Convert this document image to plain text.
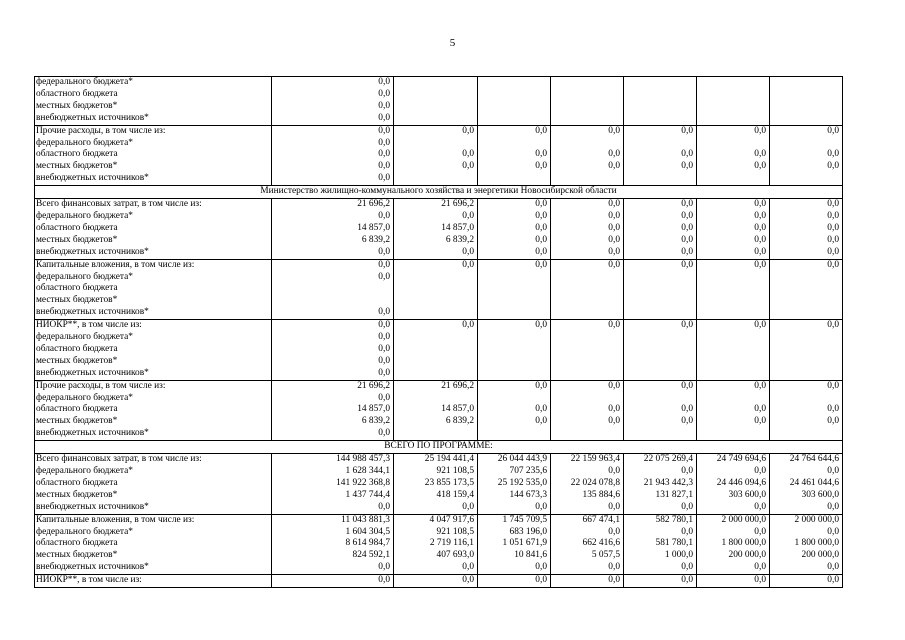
5
федерального бюджета*	0,0						
областного бюджета	0,0						
местных бюджетов*	0,0						
внебюджетных источников*	0,0						
Прочие расходы, в том числе из:	0,0	0,0	0,0	0,0	0,0	0,0	0,0
федерального бюджета*	0,0						
областного бюджета	0,0	0,0	0,0	0,0	0,0	0,0	0,0
местных бюджетов*	0,0	0,0	0,0	0,0	0,0	0,0	0,0
внебюджетных источников*	0,0						
Министерство жилищно-коммунального хозяйства и энергетики Новосибирской области							
Всего финансовых затрат, в том числе из:	21 696,2	21 696,2	0,0	0,0	0,0	0,0	0,0
федерального бюджета*	0,0	0,0	0,0	0,0	0,0	0,0	0,0
областного бюджета	14 857,0	14 857,0	0,0	0,0	0,0	0,0	0,0
местных бюджетов*	6 839,2	6 839,2	0,0	0,0	0,0	0,0	0,0
внебюджетных источников*	0,0	0,0	0,0	0,0	0,0	0,0	0,0
Капитальные вложения, в том числе из:	0,0	0,0	0,0	0,0	0,0	0,0	0,0
федерального бюджета*	0,0						
областного бюджета							
местных бюджетов*							
внебюджетных источников*	0,0						
НИОКР**, в том числе из:	0,0	0,0	0,0	0,0	0,0	0,0	0,0
федерального бюджета*	0,0						
областного бюджета	0,0						
местных бюджетов*	0,0						
внебюджетных источников*	0,0						
Прочие расходы, в том числе из:	21 696,2	21 696,2	0,0	0,0	0,0	0,0	0,0
федерального бюджета*	0,0						
областного бюджета	14 857,0	14 857,0	0,0	0,0	0,0	0,0	0,0
местных бюджетов*	6 839,2	6 839,2	0,0	0,0	0,0	0,0	0,0
внебюджетных источников*	0,0						
ВСЕГО ПО ПРОГРАММЕ:							
Всего финансовых затрат, в том числе из:	144 988 457,3	25 194 441,4	26 044 443,9	22 159 963,4	22 075 269,4	24 749 694,6	24 764 644,6
федерального бюджета*	1 628 344,1	921 108,5	707 235,6	0,0	0,0	0,0	0,0
областного бюджета	141 922 368,8	23 855 173,5	25 192 535,0	22 024 078,8	21 943 442,3	24 446 094,6	24 461 044,6
местных бюджетов*	1 437 744,4	418 159,4	144 673,3	135 884,6	131 827,1	303 600,0	303 600,0
внебюджетных источников*	0,0	0,0	0,0	0,0	0,0	0,0	0,0
Капитальные вложения, в том числе из:	11 043 881,3	4 047 917,6	1 745 709,5	667 474,1	582 780,1	2 000 000,0	2 000 000,0
федерального бюджета*	1 604 304,5	921 108,5	683 196,0	0,0	0,0	0,0	0,0
областного бюджета	8 614 984,7	2 719 116,1	1 051 671,9	662 416,6	581 780,1	1 800 000,0	1 800 000,0
местных бюджетов*	824 592,1	407 693,0	10 841,6	5 057,5	1 000,0	200 000,0	200 000,0
внебюджетных источников*	0,0	0,0	0,0	0,0	0,0	0,0	0,0
НИОКР**, в том числе из:	0,0	0,0	0,0	0,0	0,0	0,0	0,0
